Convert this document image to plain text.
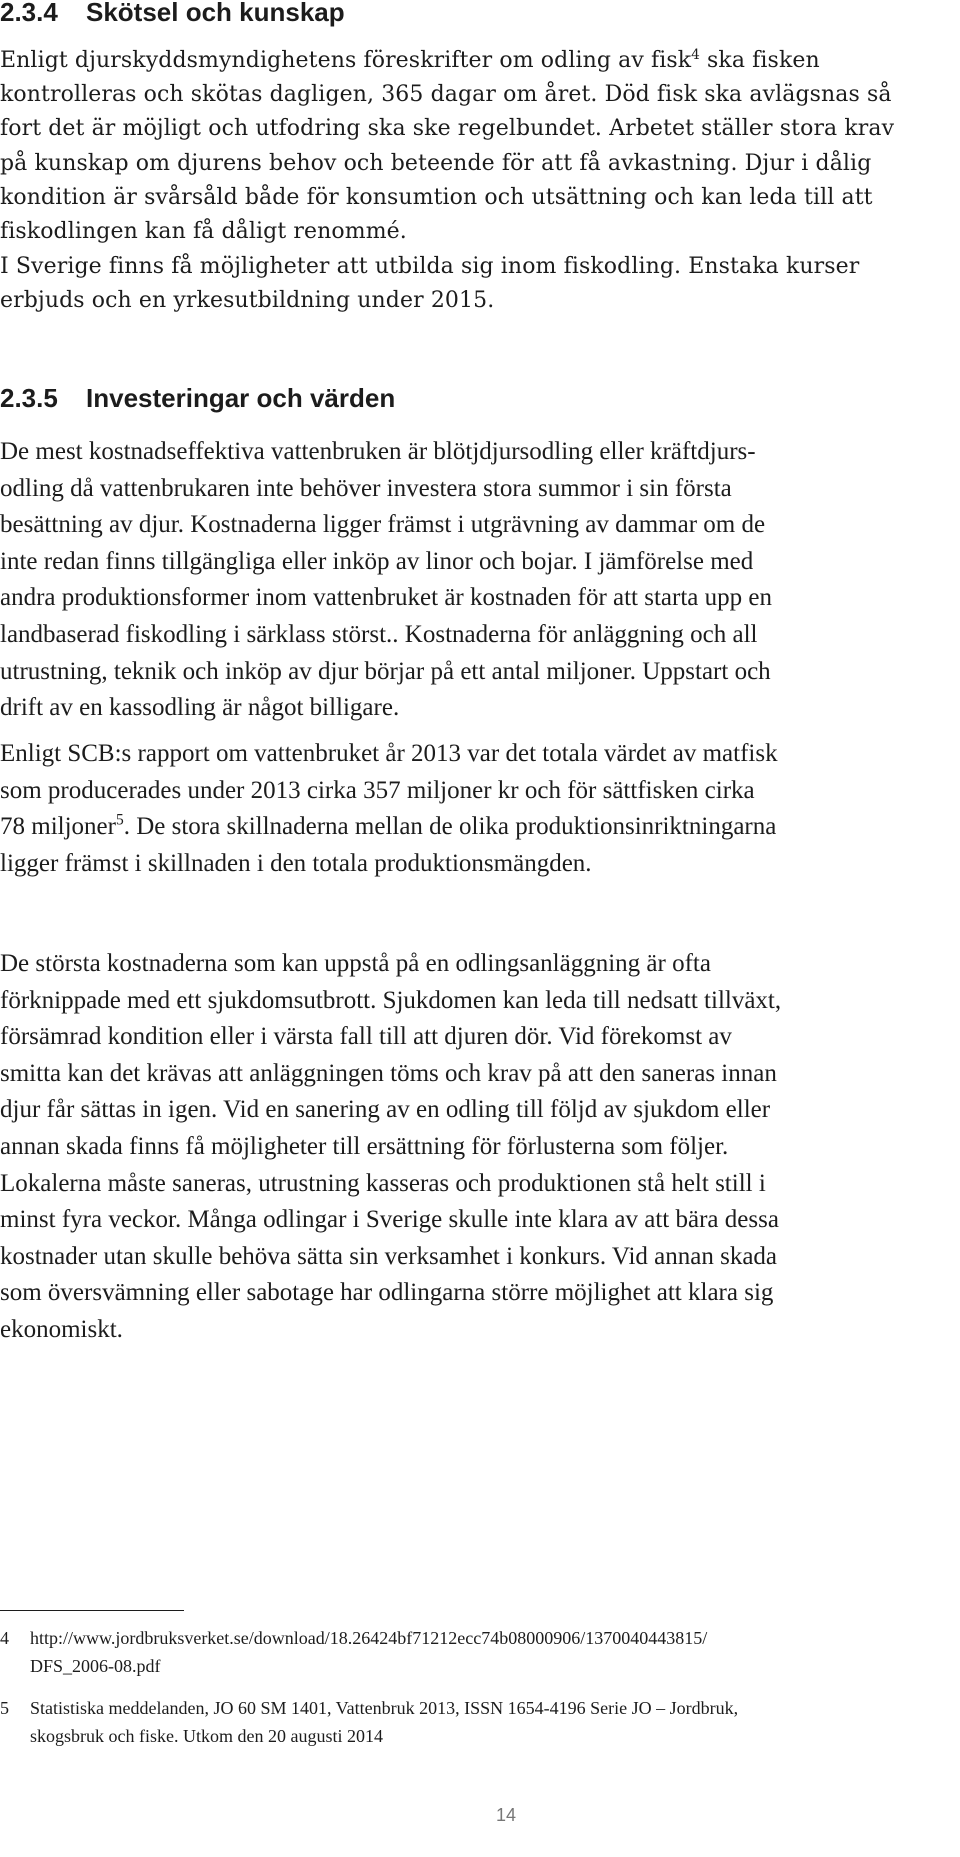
2.3.4 Skötsel och kunskap

Enligt djurskyddsmyndighetens föreskrifter om odling av fisk$^4$ ska fisken
kontrolleras och skötas dagligen, 365 dagar om året. Död fisk ska avlägsnas så
fort det är möjligt och utfodring ska ske regelbundet. Arbetet ställer stora krav
på kunskap om djurens behov och beteende för att få avkastning. Djur i dålig
kondition är svårsåld både för konsumtion och utsättning och kan leda till att
fiskodlingen kan få dåligt renommé.

I Sverige finns få möjligheter att utbilda sig inom fiskodling. Enstaka kurser
erbjuds och en yrkesutbildning under 2015.

2.3.5 Investeringar och värden

De mest kostnadseffektiva vattenbruken är blötjdjursodling eller kräftdjurs-
odling då vattenbrukaren inte behöver investera stora summor i sin första
besättning av djur. Kostnaderna ligger främst i utgrävning av dammar om de
inte redan finns tillgängliga eller inköp av linor och bojar. I jämförelse med
andra produktionsformer inom vattenbruket är kostnaden för att starta upp en
landbaserad fiskodling i särklass störst.. Kostnaderna för anläggning och all
utrustning, teknik och inköp av djur börjar på ett antal miljoner. Uppstart och
drift av en kassodling är något billigare.

Enligt SCB:s rapport om vattenbruket år 2013 var det totala värdet av matfisk
som producerades under 2013 cirka 357 miljoner kr och för sättfisken cirka
78 miljoner$^5$. De stora skillnaderna mellan de olika produktionsinriktningarna
ligger främst i skillnaden i den totala produktionsmängden.

De största kostnaderna som kan uppstå på en odlingsanläggning är ofta
förknippade med ett sjukdomsutbrott. Sjukdomen kan leda till nedsatt tillväxt,
försämrad kondition eller i värsta fall till att djuren dör. Vid förekomst av
smitta kan det krävas att anläggningen töms och krav på att den saneras innan
djur får sättas in igen. Vid en sanering av en odling till följd av sjukdom eller
annan skada finns få möjligheter till ersättning för förlusterna som följer.
Lokalerna måste saneras, utrustning kasseras och produktionen stå helt still i
minst fyra veckor. Många odlingar i Sverige skulle inte klara av att bära dessa
kostnader utan skulle behöva sätta sin verksamhet i konkurs. Vid annan skada
som översvämning eller sabotage har odlingarna större möjlighet att klara sig
ekonomiskt.

4 http://www.jordbruksverket.se/download/18.26424bf71212ecc74b08000906/1370040443815/
DFS_2006-08.pdf
5 Statistiska meddelanden, JO 60 SM 1401, Vattenbruk 2013, ISSN 1654-4196 Serie JO – Jordbruk,
skogsbruk och fiske. Utkom den 20 augusti 2014
14
